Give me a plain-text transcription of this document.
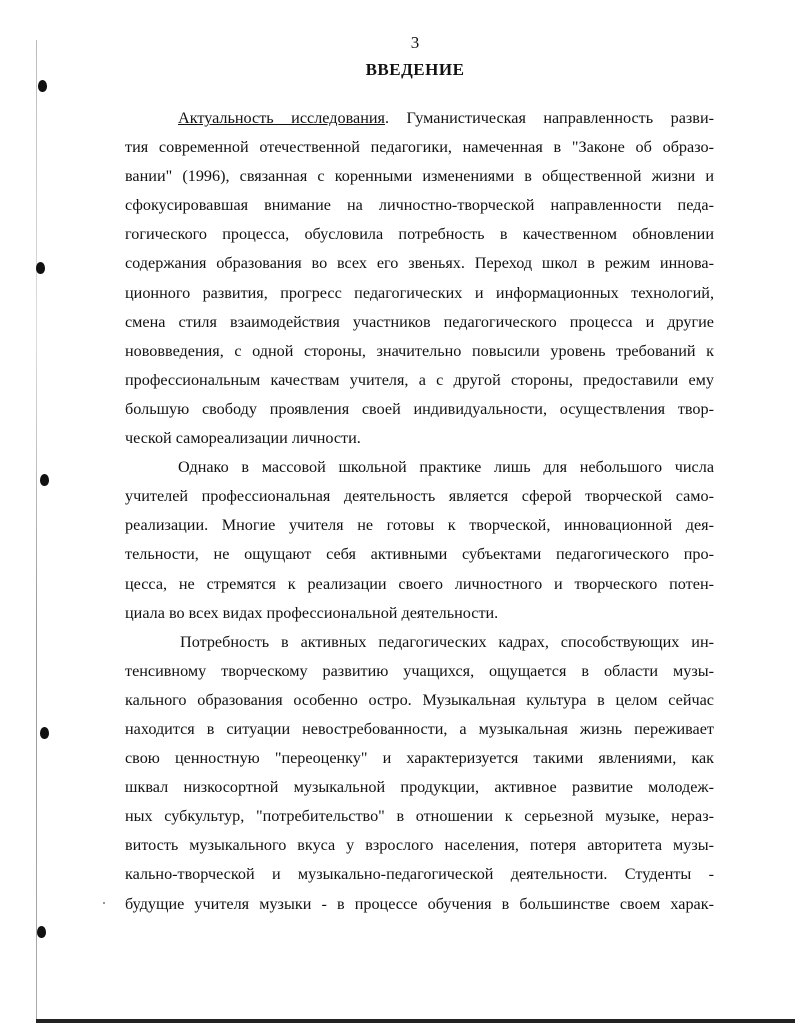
3
ВВЕДЕНИЕ
Актуальность исследования. Гуманистическая направленность разви-
тия современной отечественной педагогики, намеченная в "Законе об образо-
вании" (1996), связанная с коренными изменениями в общественной жизни и
сфокусировавшая внимание на личностно-творческой направленности педа-
гогического процесса, обусловила потребность в качественном обновлении
содержания образования во всех его звеньях. Переход школ в режим иннова-
ционного развития, прогресс педагогических и информационных технологий,
смена стиля взаимодействия участников педагогического процесса и другие
нововведения, с одной стороны, значительно повысили уровень требований к
профессиональным качествам учителя, а с другой стороны, предоставили ему
большую свободу проявления своей индивидуальности, осуществления твор-
ческой самореализации личности.
Однако в массовой школьной практике лишь для небольшого числа
учителей профессиональная деятельность является сферой творческой само-
реализации. Многие учителя не готовы к творческой, инновационной дея-
тельности, не ощущают себя активными субъектами педагогического про-
цесса, не стремятся к реализации своего личностного и творческого потен-
циала во всех видах профессиональной деятельности.
Потребность в активных педагогических кадрах, способствующих ин-
тенсивному творческому развитию учащихся, ощущается в области музы-
кального образования особенно остро. Музыкальная культура в целом сейчас
находится в ситуации невостребованности, а музыкальная жизнь переживает
свою ценностную "переоценку" и характеризуется такими явлениями, как
шквал низкосортной музыкальной продукции, активное развитие молодеж-
ных субкультур, "потребительство" в отношении к серьезной музыке, нераз-
витость музыкального вкуса у взрослого населения, потеря авторитета музы-
кально-творческой и музыкально-педагогической деятельности. Студенты -
будущие учителя музыки - в процессе обучения в большинстве своем харак-
